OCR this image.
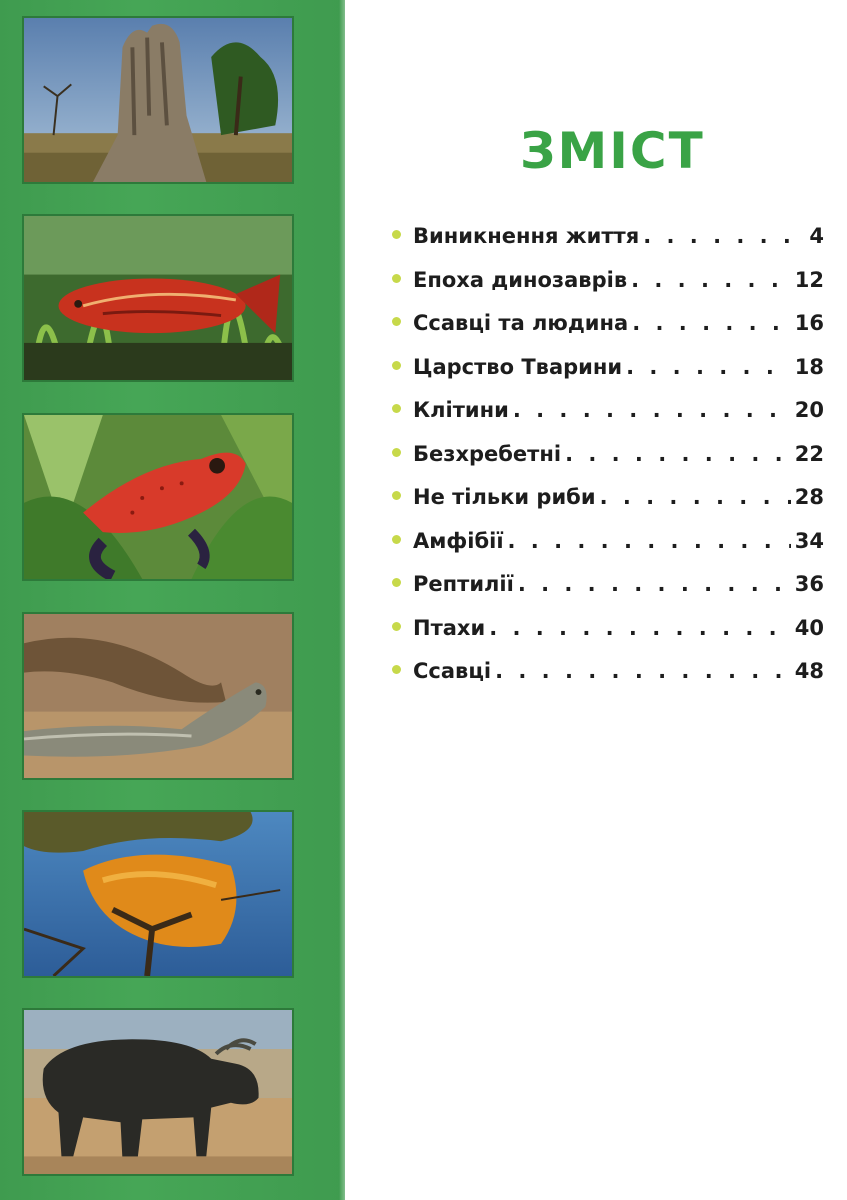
ЗМІСТ
Виникнення життя . . .	4
Епоха динозаврів . . .	12
Ссавці та людина . . .	16
Царство Тварини . . .	18
Клітини . . .	20
Безхребетні . . .	22
Не тільки риби . . .	28
Амфібії . . .	34
Рептилії . . .	36
Птахи . . .	40
Ссавці . . .	48
